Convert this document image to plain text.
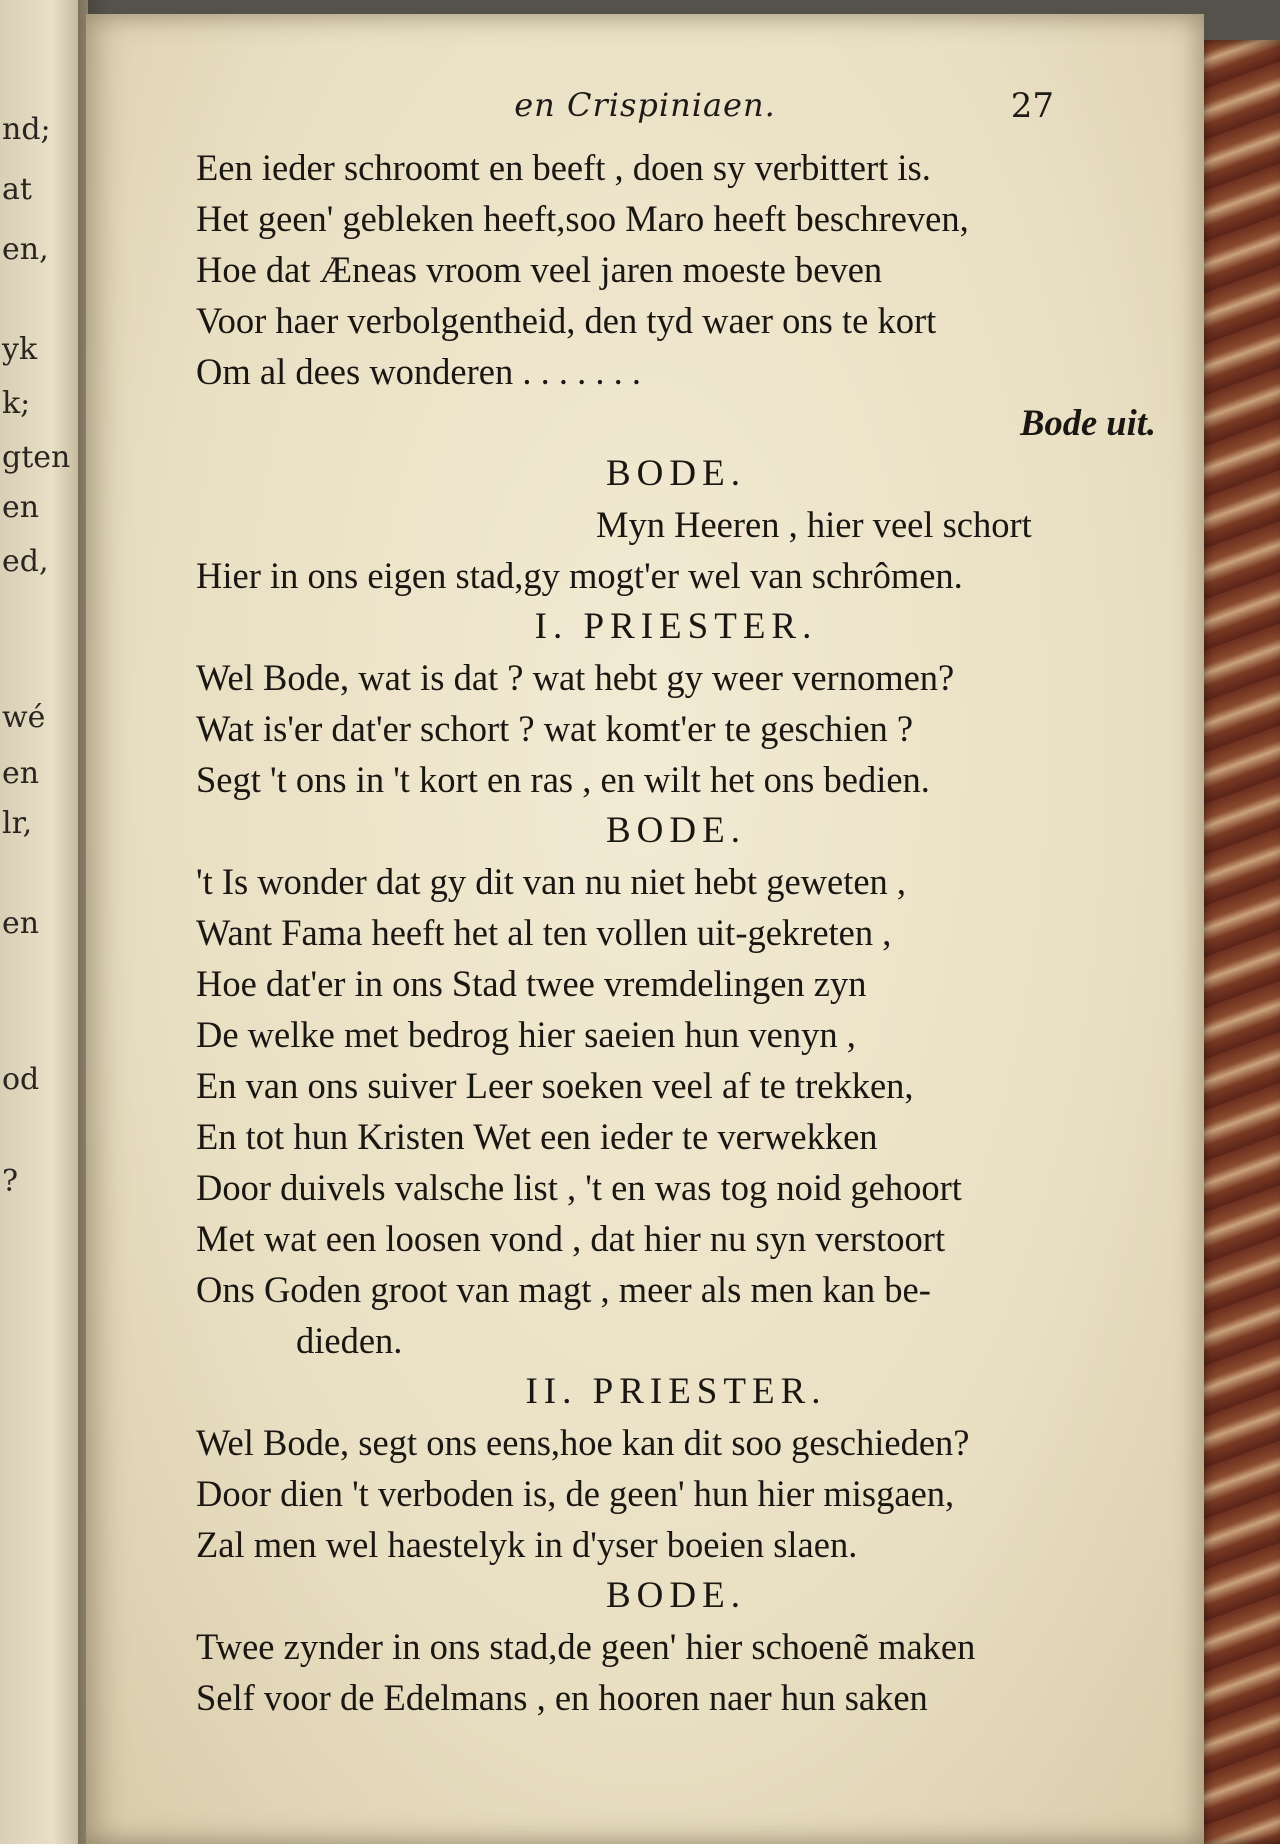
nd;
at
en,
yk
k;
gten
en
ed,
wé
en
lr,
en
od
?
en Crispiniaen.	27
Een ieder schroomt en beeft , doen sy verbittert is.
Het geen' gebleken heeft,soo Maro heeft beschreven,
Hoe dat Æneas vroom veel jaren moeste beven
Voor haer verbolgentheid, den tyd waer ons te kort
Om al dees wonderen . . . . . . .
Bode uit.
BODE.
Myn Heeren , hier veel schort
Hier in ons eigen stad,gy mogt'er wel van schrômen.
I. PRIESTER.
Wel Bode, wat is dat ? wat hebt gy weer vernomen?
Wat is'er dat'er schort ? wat komt'er te geschien ?
Segt 't ons in 't kort en ras , en wilt het ons bedien.
BODE.
't Is wonder dat gy dit van nu niet hebt geweten ,
Want Fama heeft het al ten vollen uit-gekreten ,
Hoe dat'er in ons Stad twee vremdelingen zyn
De welke met bedrog hier saeien hun venyn ,
En van ons suiver Leer soeken veel af te trekken,
En tot hun Kristen Wet een ieder te verwekken
Door duivels valsche list , 't en was tog noid gehoort
Met wat een loosen vond , dat hier nu syn verstoort
Ons Goden groot van magt , meer als men kan be-
dieden.
II. PRIESTER.
Wel Bode, segt ons eens,hoe kan dit soo geschieden?
Door dien 't verboden is, de geen' hun hier misgaen,
Zal men wel haestelyk in d'yser boeien slaen.
BODE.
Twee zynder in ons stad,de geen' hier schoenẽ maken
Self voor de Edelmans , en hooren naer hun saken
